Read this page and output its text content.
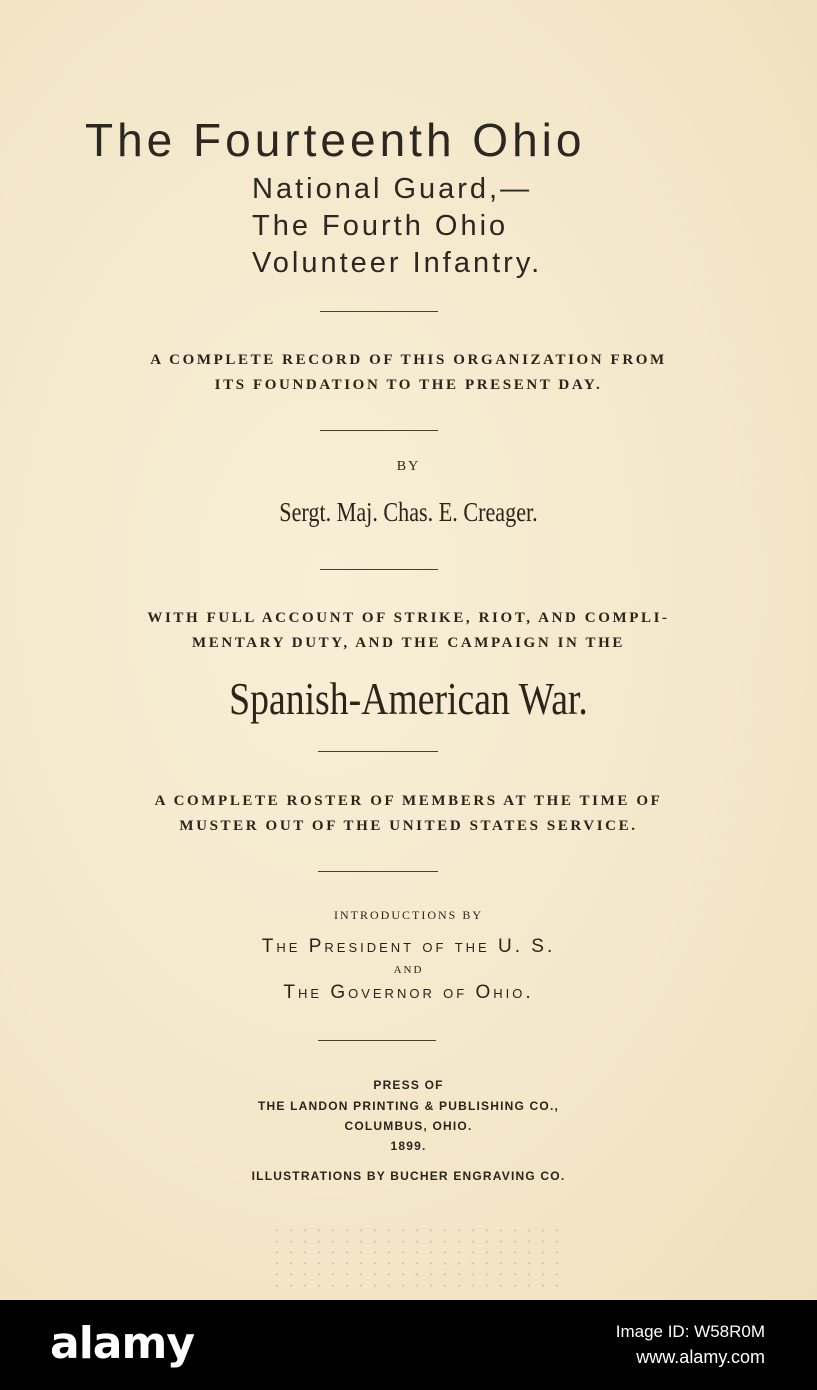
The Fourteenth Ohio
National Guard,—
The Fourth Ohio
Volunteer Infantry.
A COMPLETE RECORD OF THIS ORGANIZATION FROM
ITS FOUNDATION TO THE PRESENT DAY.
BY
Sergt. Maj. Chas. E. Creager.
WITH FULL ACCOUNT OF STRIKE, RIOT, AND COMPLI-
MENTARY DUTY, AND THE CAMPAIGN IN THE
Spanish-American War.
A COMPLETE ROSTER OF MEMBERS AT THE TIME OF
MUSTER OUT OF THE UNITED STATES SERVICE.
INTRODUCTIONS BY
The President of the U. S.
AND
The Governor of Ohio.
PRESS OF
THE LANDON PRINTING & PUBLISHING CO.,
COLUMBUS, OHIO.
1899.
ILLUSTRATIONS BY BUCHER ENGRAVING CO.
alamy	Image ID: W58R0M
www.alamy.com
